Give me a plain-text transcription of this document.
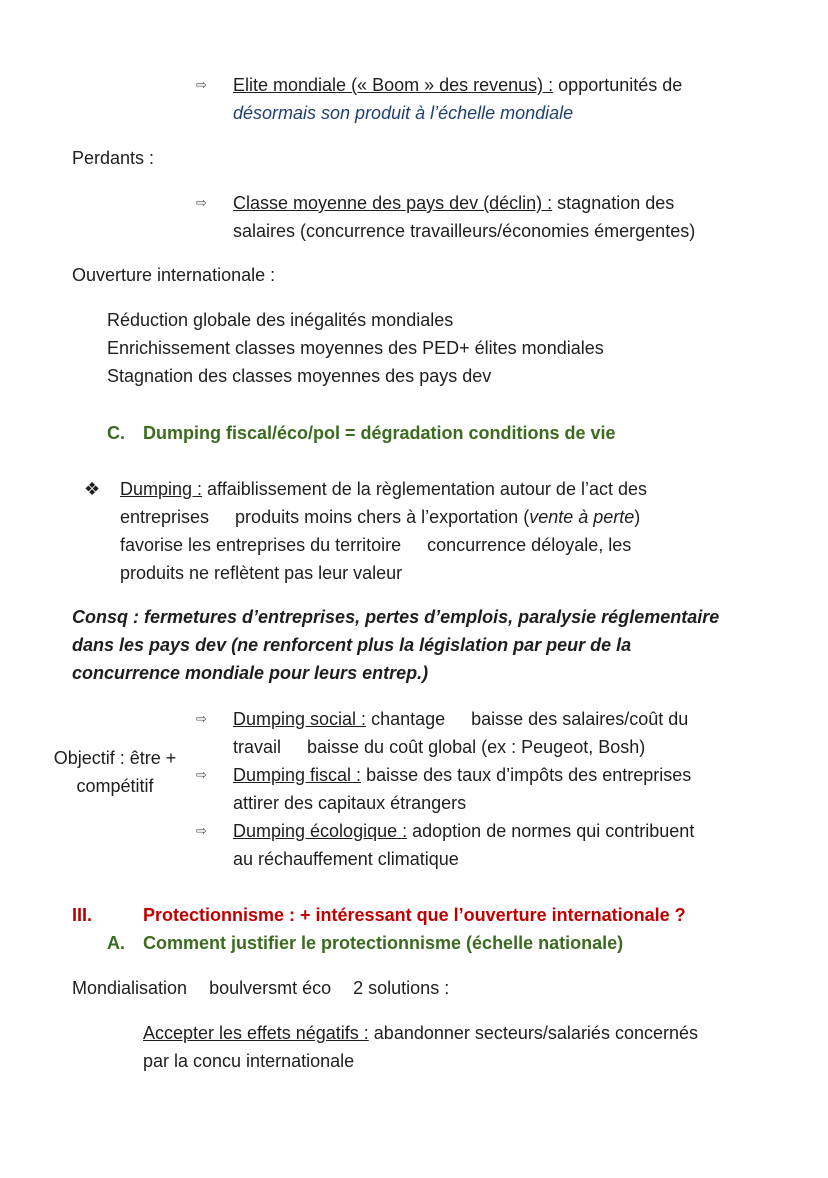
⇨ Elite mondiale (« Boom » des revenus) : opportunités de
désormais son produit à l’échelle mondiale
Perdants :
⇨ Classe moyenne des pays dev (déclin) : stagnation des
salaires (concurrence travailleurs/économies émergentes)
Ouverture internationale :
Réduction globale des inégalités mondiales
Enrichissement classes moyennes des PED+ élites mondiales
Stagnation des classes moyennes des pays dev
C. Dumping fiscal/éco/pol = dégradation conditions de vie
❖ Dumping : affaiblissement de la règlementation autour de l’act des
entreprises produits moins chers à l’exportation (vente à perte)
favorise les entreprises du territoire concurrence déloyale, les
produits ne reflètent pas leur valeur
Consq : fermetures d’entreprises, pertes d’emplois, paralysie réglementaire
dans les pays dev (ne renforcent plus la législation par peur de la
concurrence mondiale pour leurs entrep.)
Objectif : être +
compétitif
⇨ Dumping social : chantage baisse des salaires/coût du
travail baisse du coût global (ex : Peugeot, Bosh)
⇨ Dumping fiscal : baisse des taux d’impôts des entreprises
attirer des capitaux étrangers
⇨ Dumping écologique : adoption de normes qui contribuent
au réchauffement climatique
III.	Protectionnisme : + intéressant que l’ouverture internationale ?
A. Comment justifier le protectionnisme (échelle nationale)
Mondialisation boulversmt éco 2 solutions :
Accepter les effets négatifs : abandonner secteurs/salariés concernés
par la concu internationale
